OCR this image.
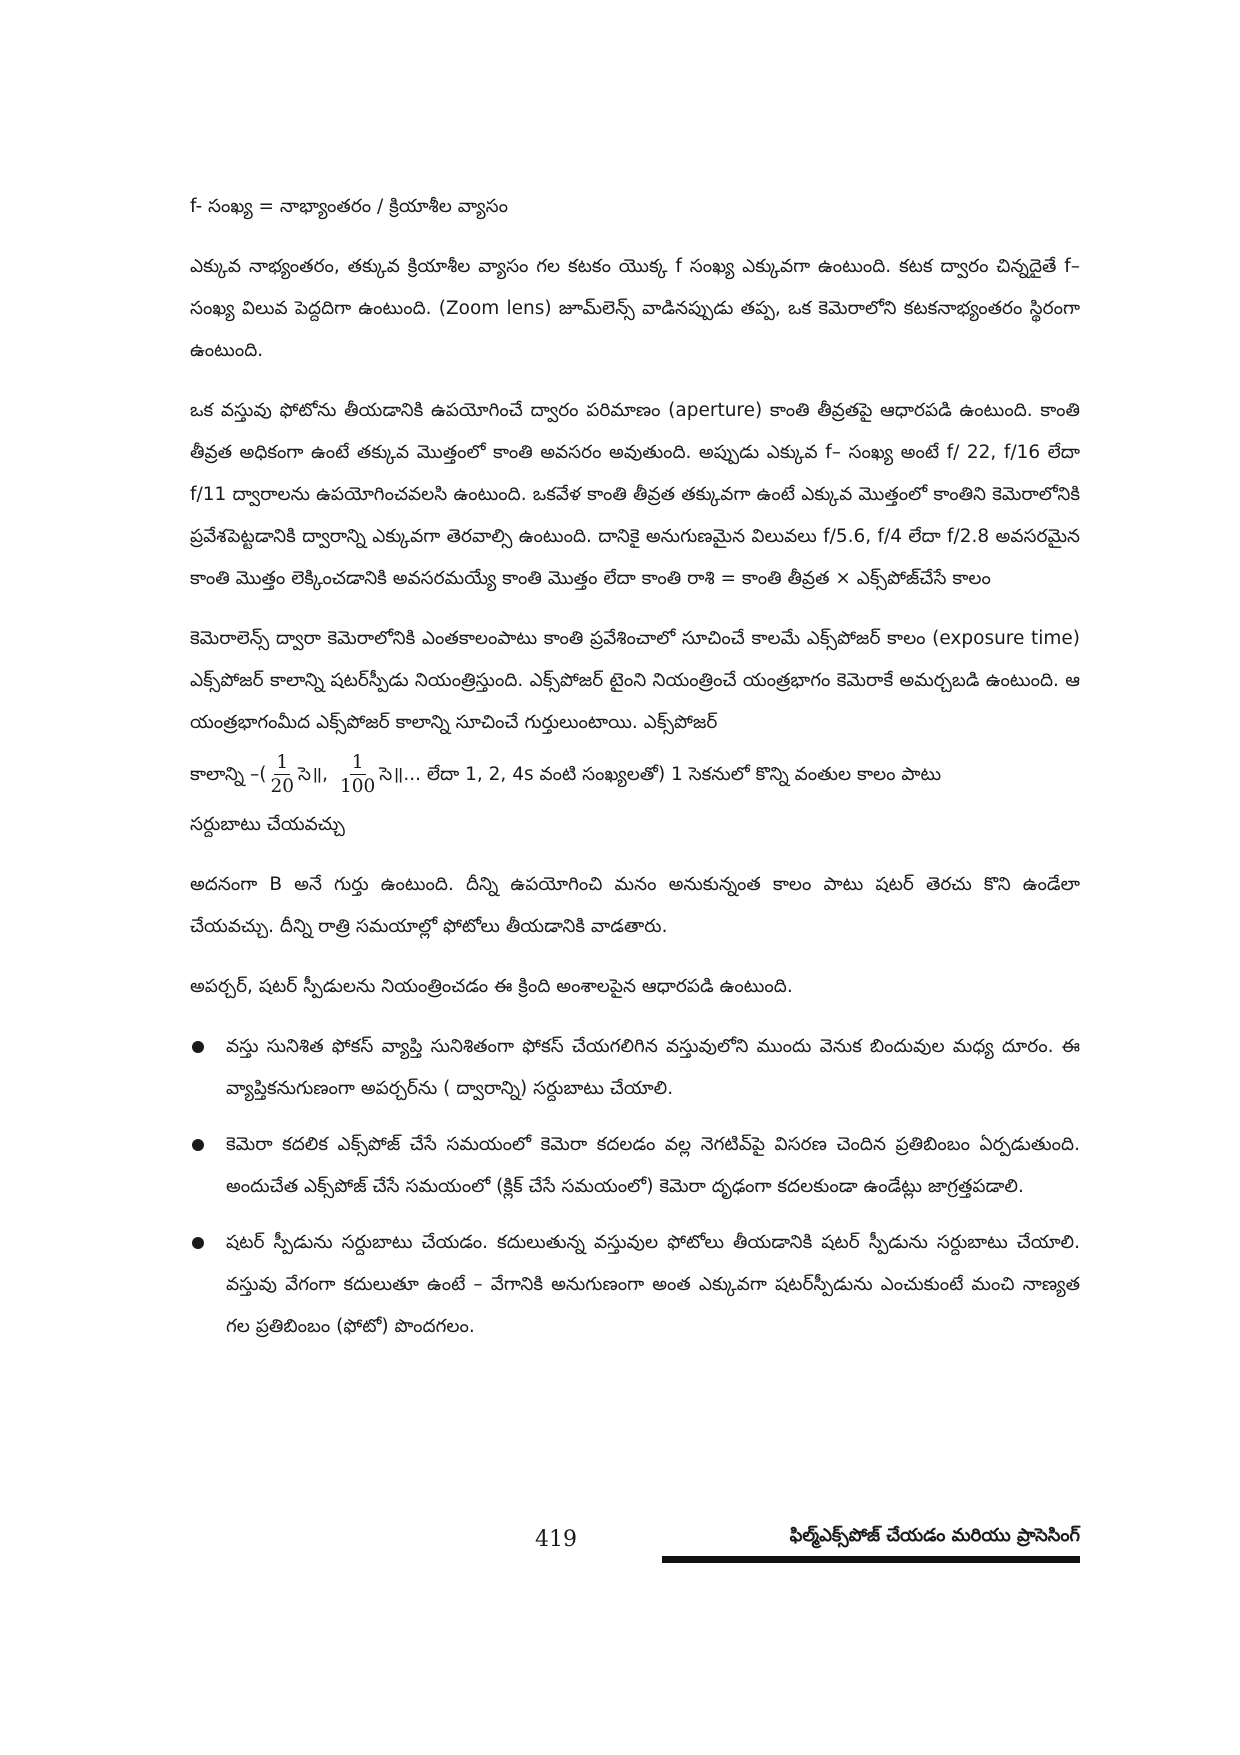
f- సంఖ్య = నాభ్యాంతరం / క్రియాశీల వ్యాసం

ఎక్కువ నాభ్యంతరం, తక్కువ క్రియాశీల వ్యాసం గల కటకం యొక్క f సంఖ్య ఎక్కువగా ఉంటుంది. కటక ద్వారం చిన్నదైతే f– సంఖ్య విలువ పెద్దదిగా ఉంటుంది. (Zoom lens) జూమ్‌లెన్స్ వాడినప్పుడు తప్ప, ఒక కెమెరాలోని కటకనాభ్యంతరం స్థిరంగా ఉంటుంది.

ఒక వస్తువు ఫోటోను తీయడానికి ఉపయోగించే ద్వారం పరిమాణం (aperture) కాంతి తీవ్రతపై ఆధారపడి ఉంటుంది. కాంతి తీవ్రత అధికంగా ఉంటే తక్కువ మొత్తంలో కాంతి అవసరం అవుతుంది. అప్పుడు ఎక్కువ f– సంఖ్య అంటే f/ 22, f/16 లేదా f/11 ద్వారాలను ఉపయోగించవలసి ఉంటుంది. ఒకవేళ కాంతి తీవ్రత తక్కువగా ఉంటే ఎక్కువ మొత్తంలో కాంతిని కెమెరాలోనికి ప్రవేశపెట్టడానికి ద్వారాన్ని ఎక్కువగా తెరవాల్సి ఉంటుంది. దానికై అనుగుణమైన విలువలు f/5.6, f/4 లేదా f/2.8 అవసరమైన కాంతి మొత్తం లెక్కించడానికి అవసరమయ్యే కాంతి మొత్తం లేదా కాంతి రాశి = కాంతి తీవ్రత × ఎక్స్‌పోజ్‌చేసే కాలం

కెమెరాలెన్స్ ద్వారా కెమెరాలోనికి ఎంతకాలంపాటు కాంతి ప్రవేశించాలో సూచించే కాలమే ఎక్స్‌పోజర్ కాలం (exposure time) ఎక్స్‌పోజర్ కాలాన్ని షటర్‌స్పీడు నియంత్రిస్తుంది. ఎక్స్‌పోజర్ టైంని నియంత్రించే యంత్రభాగం కెమెరాకే అమర్చబడి ఉంటుంది. ఆ యంత్రభాగంమీద ఎక్స్‌పోజర్ కాలాన్ని సూచించే గుర్తులుంటాయి. ఎక్స్‌పోజర్

కాలాన్ని –( $\frac{1}{20}$ సె॥, $\frac{1}{100}$ సె॥... లేదా 1, 2, 4s వంటి సంఖ్యలతో) 1 సెకనులో కొన్ని వంతుల కాలం పాటు

సర్దుబాటు చేయవచ్చు

అదనంగా B అనే గుర్తు ఉంటుంది. దీన్ని ఉపయోగించి మనం అనుకున్నంత కాలం పాటు షటర్ తెరచు కొని ఉండేలా చేయవచ్చు. దీన్ని రాత్రి సమయాల్లో ఫోటోలు తీయడానికి వాడతారు.

అపర్చర్, షటర్ స్పీడులను నియంత్రించడం ఈ క్రింది అంశాలపైన ఆధారపడి ఉంటుంది.

వస్తు సునిశిత ఫోకస్ వ్యాప్తి సునిశితంగా ఫోకస్ చేయగలిగిన వస్తువులోని ముందు వెనుక బిందువుల మధ్య దూరం. ఈ వ్యాప్తికనుగుణంగా అపర్చర్‌ను ( ద్వారాన్ని) సర్దుబాటు చేయాలి.
కెమెరా కదలిక ఎక్స్‌పోజ్ చేసే సమయంలో కెమెరా కదలడం వల్ల నెగటివ్‌పై విసరణ చెందిన ప్రతిబింబం ఏర్పడుతుంది. అందుచేత ఎక్స్‌పోజ్ చేసే సమయంలో (క్లిక్ చేసే సమయంలో) కెమెరా దృఢంగా కదలకుండా ఉండేట్లు జాగ్రత్తపడాలి.
షటర్ స్పీడును సర్దుబాటు చేయడం. కదులుతున్న వస్తువుల ఫోటోలు తీయడానికి షటర్ స్పీడును సర్దుబాటు చేయాలి. వస్తువు వేగంగా కదులుతూ ఉంటే – వేగానికి అనుగుణంగా అంత ఎక్కువగా షటర్‌స్పీడును ఎంచుకుంటే మంచి నాణ్యత గల ప్రతిబింబం (ఫోటో) పొందగలం.
419	ఫిల్మ్‌ఎక్స్‌పోజ్ చేయడం మరియు ప్రాసెసింగ్
